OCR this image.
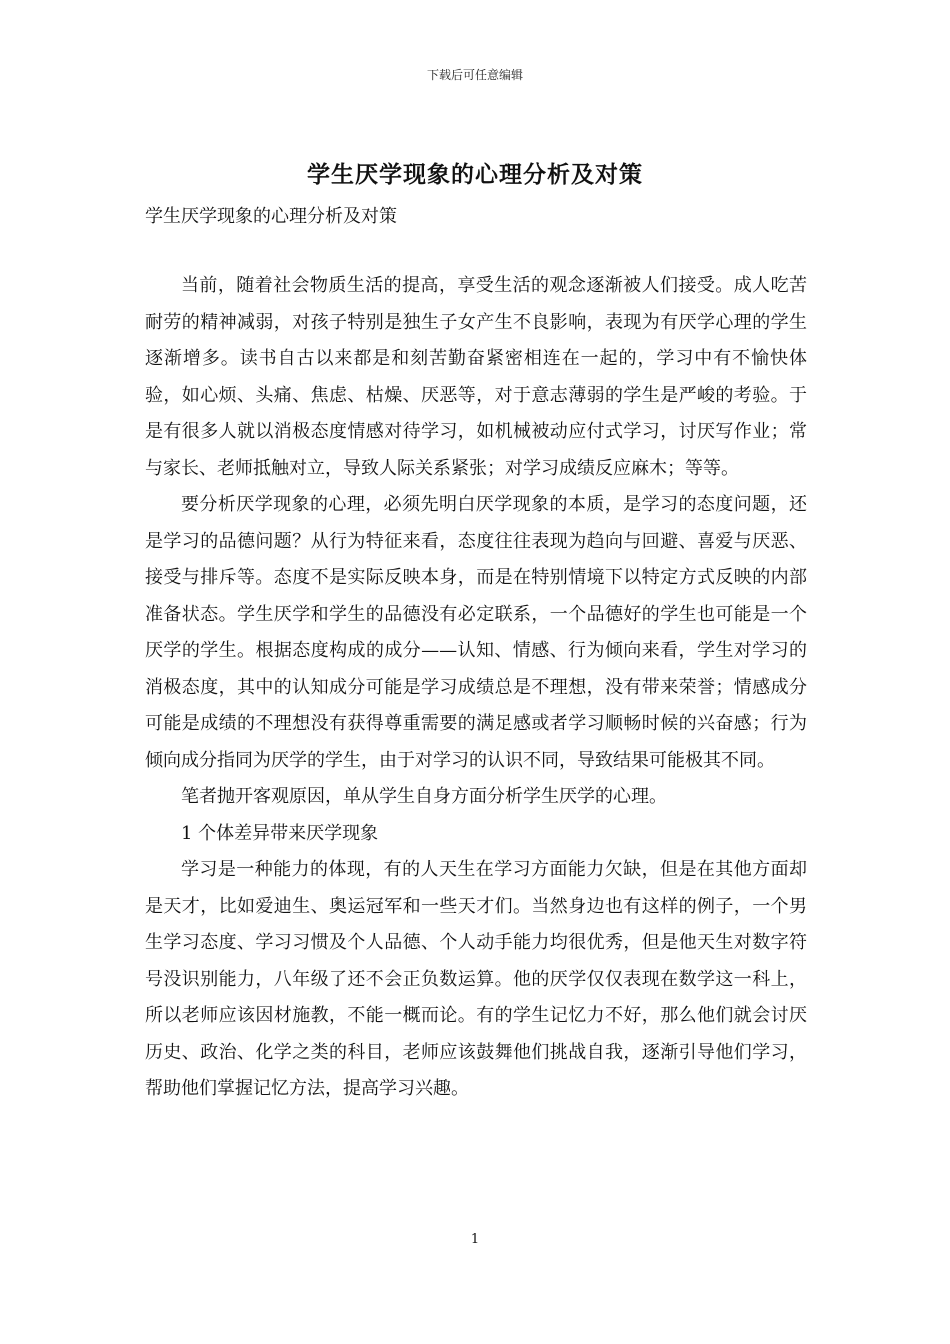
下载后可任意编辑
学生厌学现象的心理分析及对策
学生厌学现象的心理分析及对策

当前，随着社会物质生活的提高，享受生活的观念逐渐被人们接受。成人吃苦耐劳的精神减弱，对孩子特别是独生子女产生不良影响，表现为有厌学心理的学生逐渐增多。读书自古以来都是和刻苦勤奋紧密相连在一起的，学习中有不愉快体验，如心烦、头痛、焦虑、枯燥、厌恶等，对于意志薄弱的学生是严峻的考验。于是有很多人就以消极态度情感对待学习，如机械被动应付式学习，讨厌写作业；常与家长、老师抵触对立，导致人际关系紧张；对学习成绩反应麻木；等等。

要分析厌学现象的心理，必须先明白厌学现象的本质，是学习的态度问题，还是学习的品德问题？从行为特征来看，态度往往表现为趋向与回避、喜爱与厌恶、接受与排斥等。态度不是实际反映本身，而是在特别情境下以特定方式反映的内部准备状态。学生厌学和学生的品德没有必定联系，一个品德好的学生也可能是一个厌学的学生。根据态度构成的成分——认知、情感、行为倾向来看，学生对学习的消极态度，其中的认知成分可能是学习成绩总是不理想，没有带来荣誉；情感成分可能是成绩的不理想没有获得尊重需要的满足感或者学习顺畅时候的兴奋感；行为倾向成分指同为厌学的学生，由于对学习的认识不同，导致结果可能极其不同。

笔者抛开客观原因，单从学生自身方面分析学生厌学的心理。

1 个体差异带来厌学现象

学习是一种能力的体现，有的人天生在学习方面能力欠缺，但是在其他方面却是天才，比如爱迪生、奥运冠军和一些天才们。当然身边也有这样的例子，一个男生学习态度、学习习惯及个人品德、个人动手能力均很优秀，但是他天生对数字符号没识别能力，八年级了还不会正负数运算。他的厌学仅仅表现在数学这一科上，所以老师应该因材施教，不能一概而论。有的学生记忆力不好，那么他们就会讨厌历史、政治、化学之类的科目，老师应该鼓舞他们挑战自我，逐渐引导他们学习，帮助他们掌握记忆方法，提高学习兴趣。

1
